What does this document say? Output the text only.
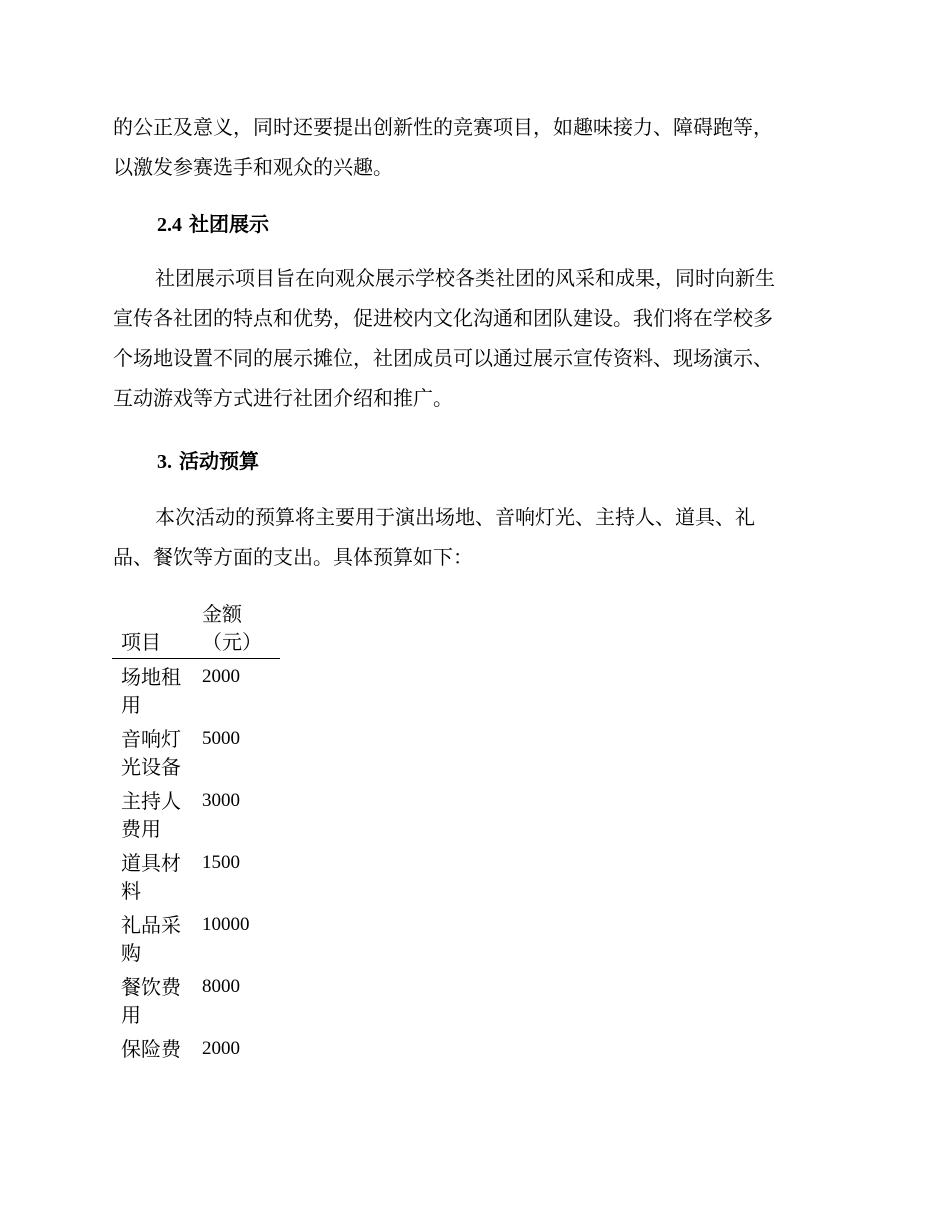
的公正及意义，同时还要提出创新性的竞赛项目，如趣味接力、障碍跑等，
以激发参赛选手和观众的兴趣。

2.4 社团展示

社团展示项目旨在向观众展示学校各类社团的风采和成果，同时向新生
宣传各社团的特点和优势，促进校内文化沟通和团队建设。我们将在学校多
个场地设置不同的展示摊位，社团成员可以通过展示宣传资料、现场演示、
互动游戏等方式进行社团介绍和推广。

3. 活动预算

本次活动的预算将主要用于演出场地、音响灯光、主持人、道具、礼
品、餐饮等方面的支出。具体预算如下：

项目	金额（元）

场地租用	2000

音响灯光设备	5000

主持人费用	3000

道具材料	1500

礼品采购	10000

餐饮费用	8000

保险费	2000
